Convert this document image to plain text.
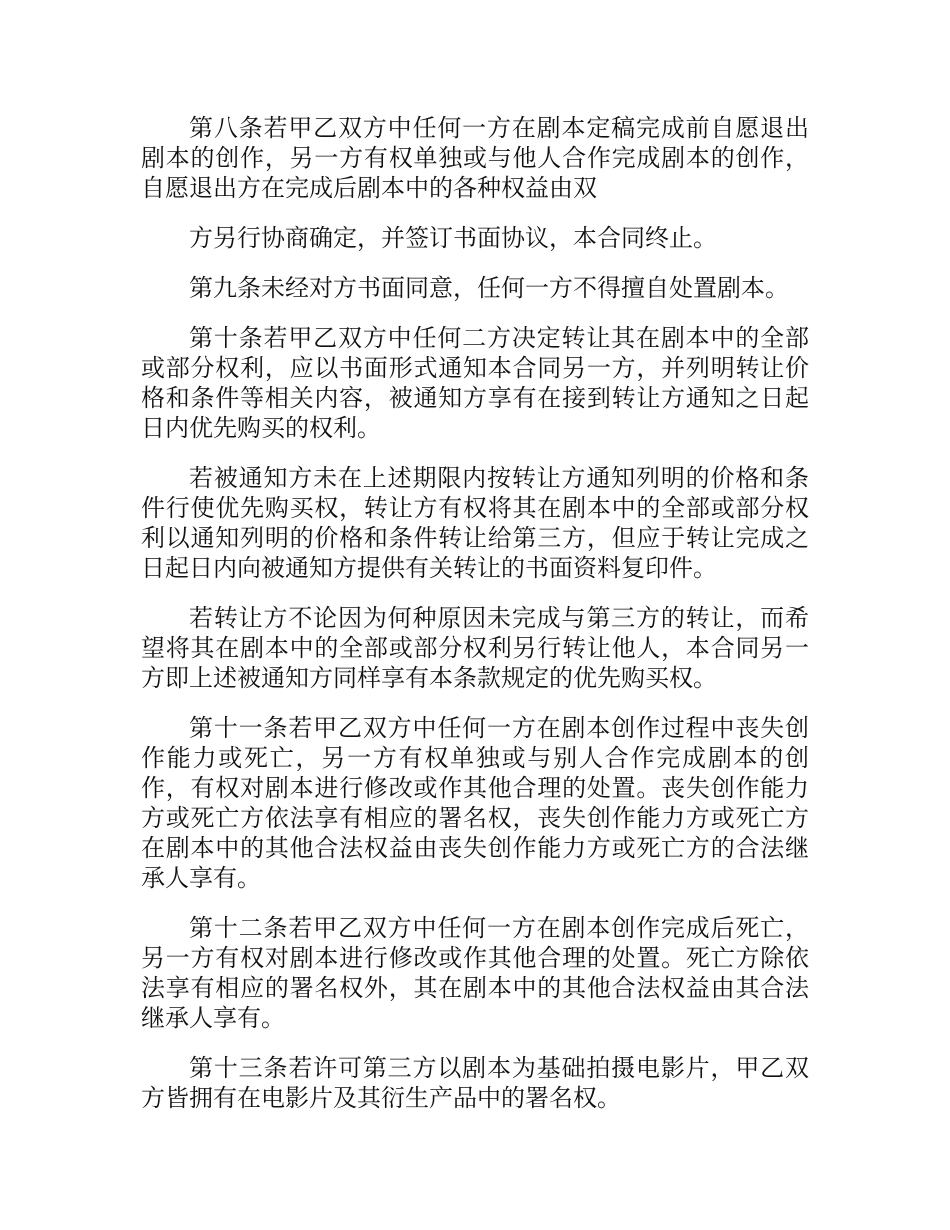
第八条若甲乙双方中任何一方在剧本定稿完成前自愿退出剧本的创作，另一方有权单独或与他人合作完成剧本的创作，自愿退出方在完成后剧本中的各种权益由双

方另行协商确定，并签订书面协议，本合同终止。

第九条未经对方书面同意，任何一方不得擅自处置剧本。

第十条若甲乙双方中任何二方决定转让其在剧本中的全部或部分权利，应以书面形式通知本合同另一方，并列明转让价格和条件等相关内容，被通知方享有在接到转让方通知之日起日内优先购买的权利。

若被通知方未在上述期限内按转让方通知列明的价格和条件行使优先购买权，转让方有权将其在剧本中的全部或部分权利以通知列明的价格和条件转让给第三方，但应于转让完成之日起日内向被通知方提供有关转让的书面资料复印件。

若转让方不论因为何种原因未完成与第三方的转让，而希望将其在剧本中的全部或部分权利另行转让他人，本合同另一方即上述被通知方同样享有本条款规定的优先购买权。

第十一条若甲乙双方中任何一方在剧本创作过程中丧失创作能力或死亡，另一方有权单独或与别人合作完成剧本的创作，有权对剧本进行修改或作其他合理的处置。丧失创作能力方或死亡方依法享有相应的署名权，丧失创作能力方或死亡方在剧本中的其他合法权益由丧失创作能力方或死亡方的合法继承人享有。

第十二条若甲乙双方中任何一方在剧本创作完成后死亡，另一方有权对剧本进行修改或作其他合理的处置。死亡方除依法享有相应的署名权外，其在剧本中的其他合法权益由其合法继承人享有。

第十三条若许可第三方以剧本为基础拍摄电影片，甲乙双方皆拥有在电影片及其衍生产品中的署名权。
